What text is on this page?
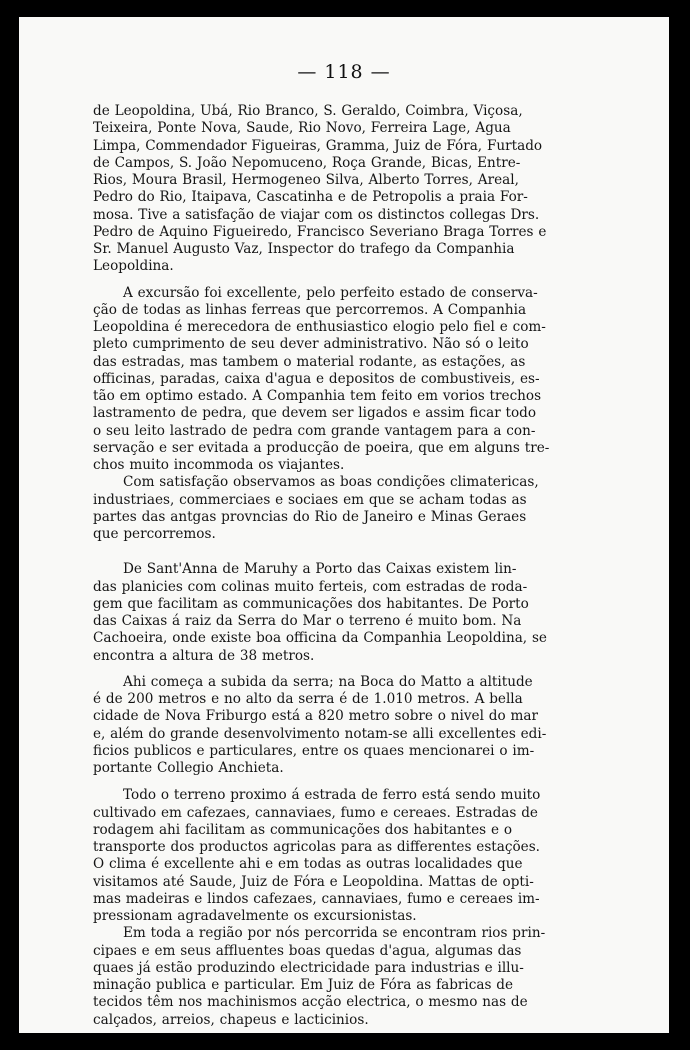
— 118 —

de Leopoldina, Ubá, Rio Branco, S. Geraldo, Coimbra, Viçosa,
Teixeira, Ponte Nova, Saude, Rio Novo, Ferreira Lage, Agua
Limpa, Commendador Figueiras, Gramma, Juiz de Fóra, Furtado
de Campos, S. João Nepomuceno, Roça Grande, Bicas, Entre-
Rios, Moura Brasil, Hermogeneo Silva, Alberto Torres, Areal,
Pedro do Rio, Itaipava, Cascatinha e de Petropolis a praia For-
mosa. Tive a satisfação de viajar com os distinctos collegas Drs.
Pedro de Aquino Figueiredo, Francisco Severiano Braga Torres e
Sr. Manuel Augusto Vaz, Inspector do trafego da Companhia
Leopoldina.

A excursão foi excellente, pelo perfeito estado de conserva-
ção de todas as linhas ferreas que percorremos. A Companhia
Leopoldina é merecedora de enthusiastico elogio pelo fiel e com-
pleto cumprimento de seu dever administrativo. Não só o leito
das estradas, mas tambem o material rodante, as estações, as
officinas, paradas, caixa d'agua e depositos de combustiveis, es-
tão em optimo estado. A Companhia tem feito em vorios trechos
lastramento de pedra, que devem ser ligados e assim ficar todo
o seu leito lastrado de pedra com grande vantagem para a con-
servação e ser evitada a producção de poeira, que em alguns tre-
chos muito incommoda os viajantes.
Com satisfação observamos as boas condições climatericas,
industriaes, commerciaes e sociaes em que se acham todas as
partes das antgas provncias do Rio de Janeiro e Minas Geraes
que percorremos.

De Sant'Anna de Maruhy a Porto das Caixas existem lin-
das planicies com colinas muito ferteis, com estradas de roda-
gem que facilitam as communicações dos habitantes. De Porto
das Caixas á raiz da Serra do Mar o terreno é muito bom. Na
Cachoeira, onde existe boa officina da Companhia Leopoldina, se
encontra a altura de 38 metros.

Ahi começa a subida da serra; na Boca do Matto a altitude
é de 200 metros e no alto da serra é de 1.010 metros. A bella
cidade de Nova Friburgo está a 820 metro sobre o nivel do mar
e, além do grande desenvolvimento notam-se alli excellentes edi-
ficios publicos e particulares, entre os quaes mencionarei o im-
portante Collegio Anchieta.

Todo o terreno proximo á estrada de ferro está sendo muito
cultivado em cafezaes, cannaviaes, fumo e cereaes. Estradas de
rodagem ahi facilitam as communicações dos habitantes e o
transporte dos productos agricolas para as differentes estações.
O clima é excellente ahi e em todas as outras localidades que
visitamos até Saude, Juiz de Fóra e Leopoldina. Mattas de opti-
mas madeiras e lindos cafezaes, cannaviaes, fumo e cereaes im-
pressionam agradavelmente os excursionistas.
Em toda a região por nós percorrida se encontram rios prin-
cipaes e em seus affluentes boas quedas d'agua, algumas das
quaes já estão produzindo electricidade para industrias e illu-
minação publica e particular. Em Juiz de Fóra as fabricas de
tecidos têm nos machinismos acção electrica, o mesmo nas de
calçados, arreios, chapeus e lacticinios.
